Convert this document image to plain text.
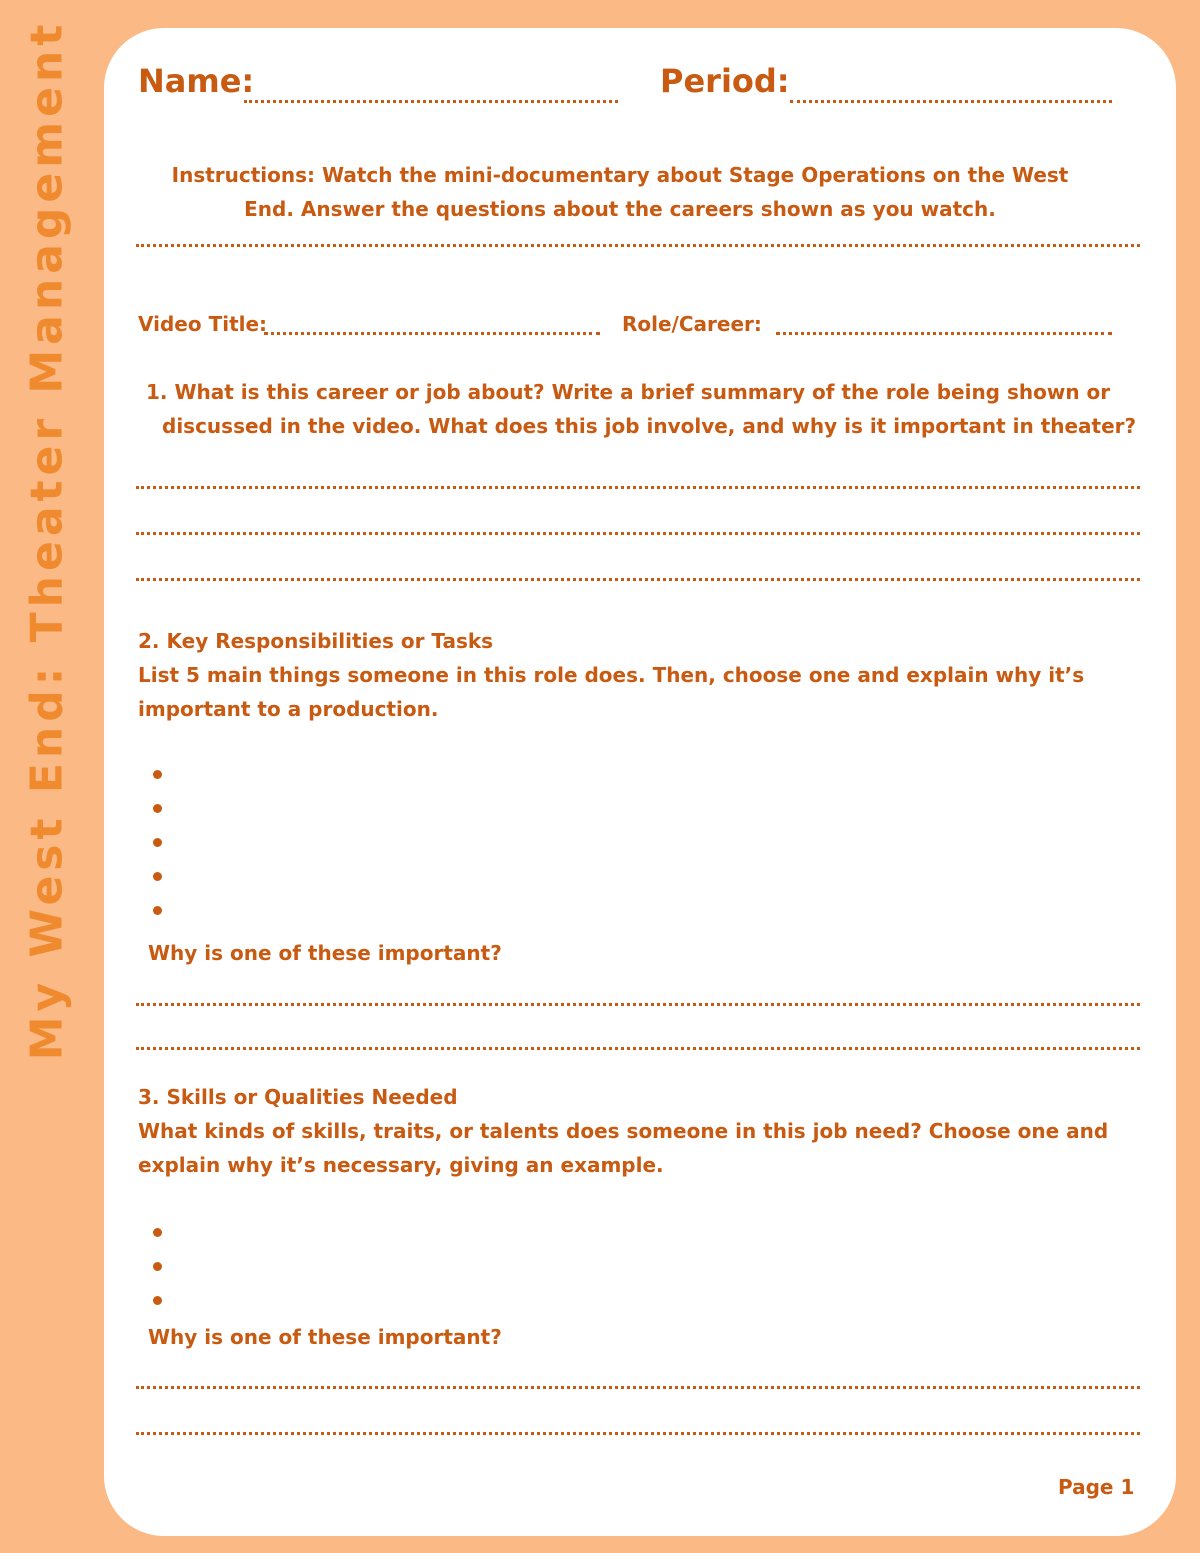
My West End: Theater Management Name:	Period:
Instructions: Watch the mini-documentary about Stage Operations on the West
End. Answer the questions about the careers shown as you watch.
Video Title:	Role/Career:
1. What is this career or job about? Write a brief summary of the role being shown or
discussed in the video. What does this job involve, and why is it important in theater?
2. Key Responsibilities or Tasks
List 5 main things someone in this role does. Then, choose one and explain why it’s
important to a production.
Why is one of these important?
3. Skills or Qualities Needed
What kinds of skills, traits, or talents does someone in this job need? Choose one and
explain why it’s necessary, giving an example.
Why is one of these important?
Page 1
